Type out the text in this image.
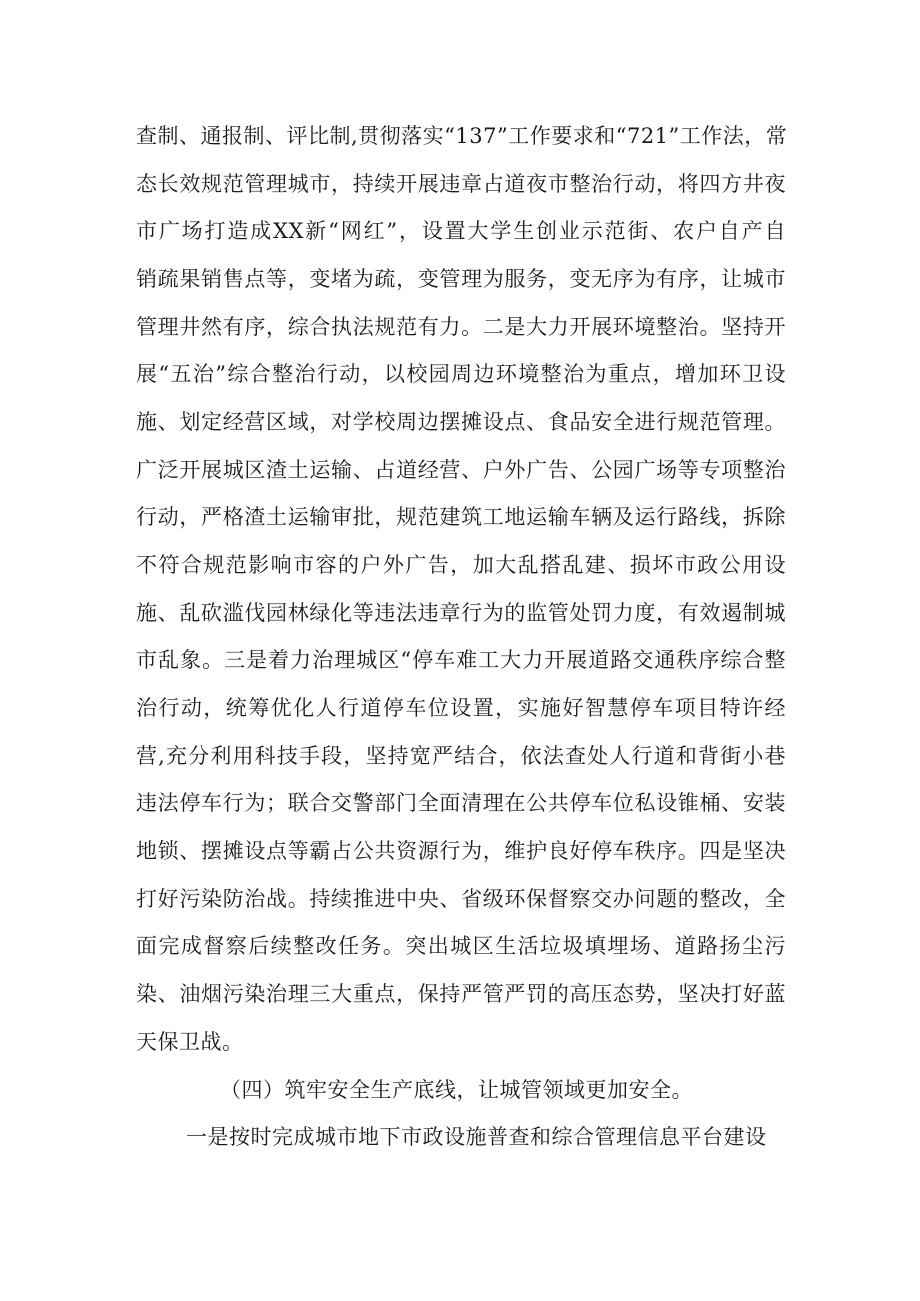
查制、通报制、评比制,贯彻落实“137”工作要求和“721”工作法，常
态长效规范管理城市，持续开展违章占道夜市整治行动，将四方井夜
市广场打造成XX新“网红”，设置大学生创业示范街、农户自产自
销疏果销售点等，变堵为疏，变管理为服务，变无序为有序，让城市
管理井然有序，综合执法规范有力。二是大力开展环境整治。坚持开
展“五治”综合整治行动，以校园周边环境整治为重点，增加环卫设
施、划定经营区域，对学校周边摆摊设点、食品安全进行规范管理。
广泛开展城区渣土运输、占道经营、户外广告、公园广场等专项整治
行动，严格渣土运输审批，规范建筑工地运输车辆及运行路线，拆除
不符合规范影响市容的户外广告，加大乱搭乱建、损坏市政公用设
施、乱砍滥伐园林绿化等违法违章行为的监管处罚力度，有效遏制城
市乱象。三是着力治理城区“停车难工大力开展道路交通秩序综合整
治行动，统筹优化人行道停车位设置，实施好智慧停车项目特许经
营,充分利用科技手段，坚持宽严结合，依法查处人行道和背街小巷
违法停车行为；联合交警部门全面清理在公共停车位私设锥桶、安装
地锁、摆摊设点等霸占公共资源行为，维护良好停车秩序。四是坚决
打好污染防治战。持续推进中央、省级环保督察交办问题的整改，全
面完成督察后续整改任务。突出城区生活垃圾填埋场、道路扬尘污
染、油烟污染治理三大重点，保持严管严罚的高压态势，坚决打好蓝
天保卫战。
（四）筑牢安全生产底线，让城管领域更加安全。
一是按时完成城市地下市政设施普查和综合管理信息平台建设
